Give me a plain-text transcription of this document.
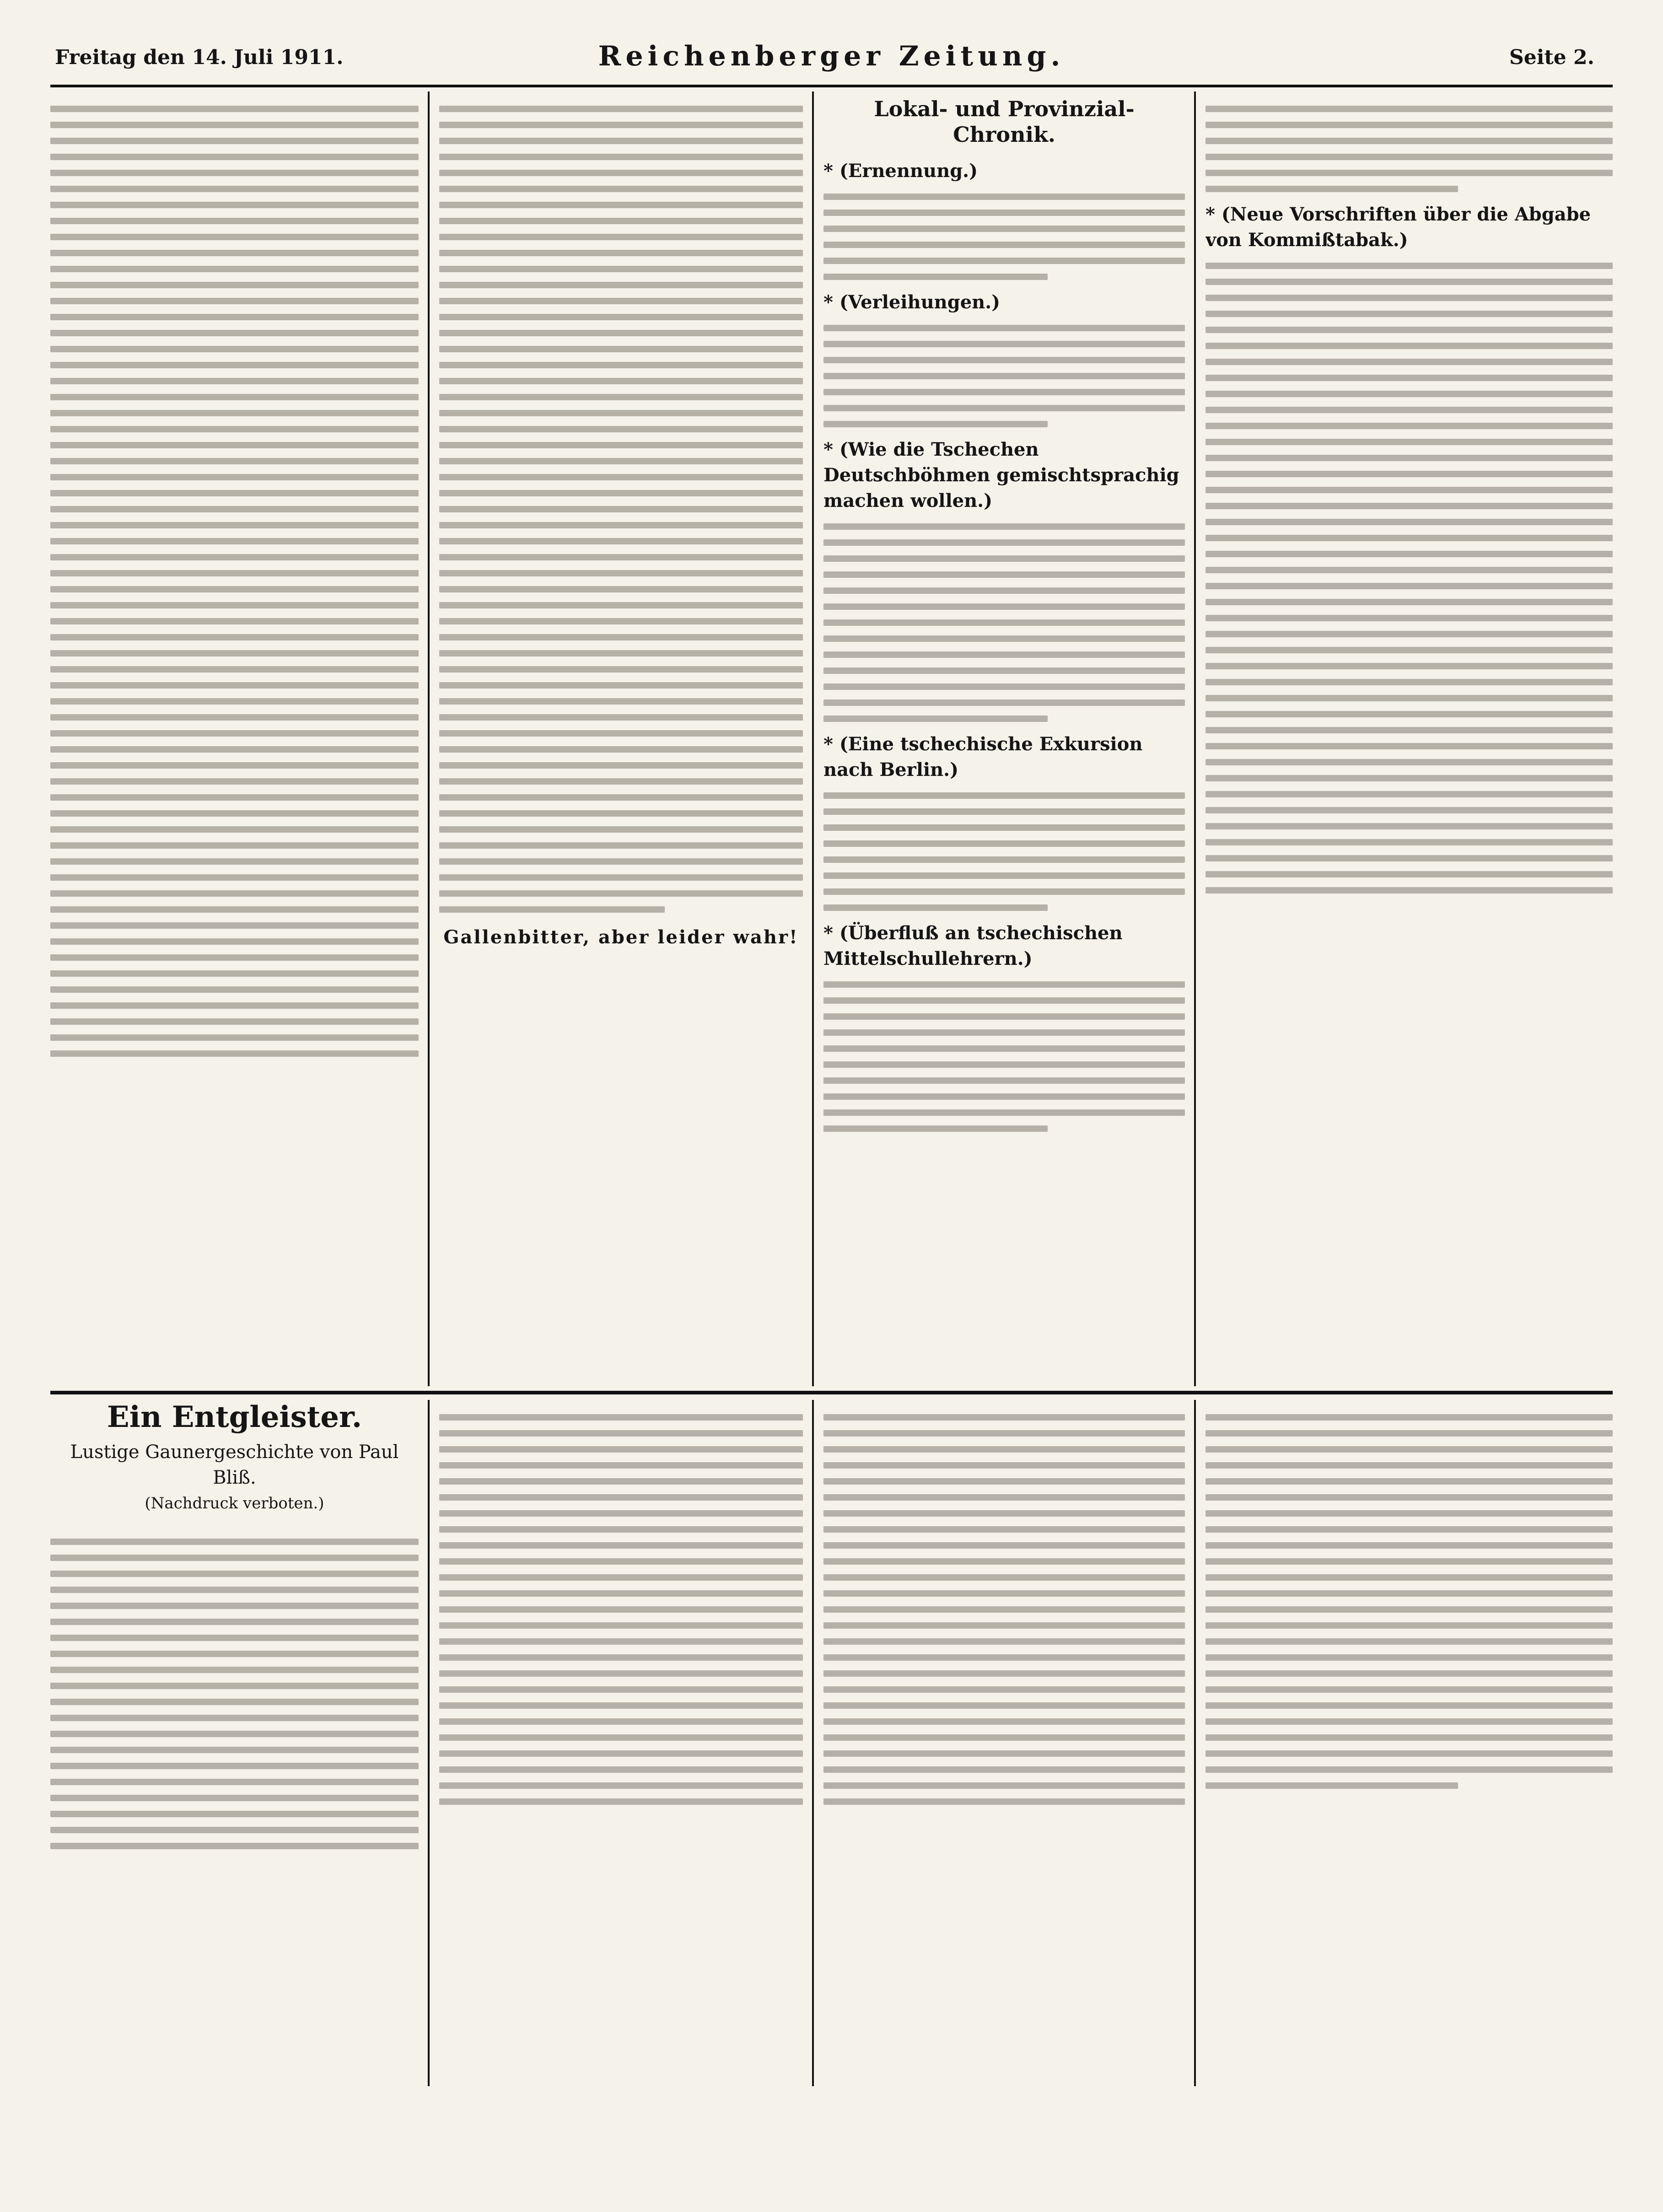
Freitag den 14. Juli 1911.	Reichenberger Zeitung.	Seite 2.
Gallenbitter, aber leider wahr!
Lokal- und Provinzial-Chronik.
* (Ernennung.)
* (Verleihungen.)
* (Wie die Tschechen Deutschböhmen gemischtsprachig machen wollen.)
* (Eine tschechische Exkursion nach Berlin.)
* (Überfluß an tschechischen Mittelschullehrern.)
* (Neue Vorschriften über die Abgabe von Kommißtabak.)
Ein Entgleister.
Lustige Gaunergeschichte von Paul Bliß.
(Nachdruck verboten.)
